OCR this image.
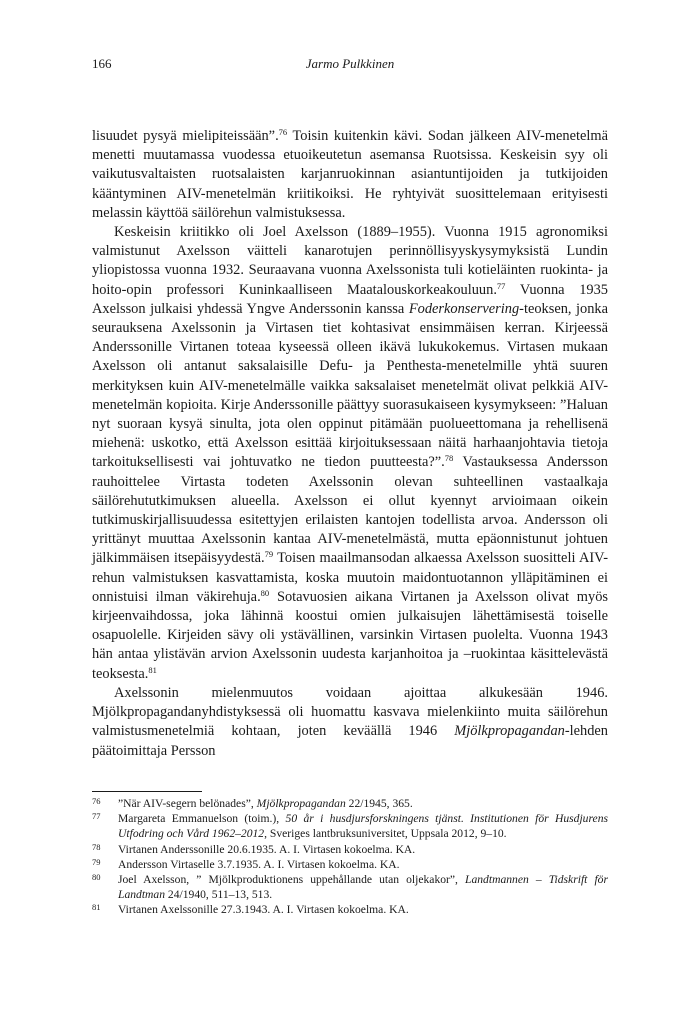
166	Jarmo Pulkkinen

lisuudet pysyä mielipiteissään”.$^{76}$ Toisin kuitenkin kävi. Sodan jälkeen AIV-menetelmä menetti muutamassa vuodessa etuoikeutetun asemansa Ruotsissa. Keskeisin syy oli vaikutusvaltaisten ruotsalaisten karjanruokinnan asiantuntijoiden ja tutkijoiden kääntyminen AIV-menetelmän kriitikoiksi. He ryhtyivät suosittelemaan erityisesti melassin käyttöä säilörehun valmistuksessa.

Keskeisin kriitikko oli Joel Axelsson (1889–1955). Vuonna 1915 agronomiksi valmistunut Axelsson väitteli kanarotujen perinnöllisyyskysymyksistä Lundin yliopistossa vuonna 1932. Seuraavana vuonna Axelssonista tuli kotieläinten ruokinta- ja hoito-opin professori Kuninkaalliseen Maatalouskorkeakouluun.$^{77}$ Vuonna 1935 Axelsson julkaisi yhdessä Yngve Anderssonin kanssa Foderkonservering-teoksen, jonka seurauksena Axelssonin ja Virtasen tiet kohtasivat ensimmäisen kerran. Kirjeessä Anderssonille Virtanen toteaa kyseessä olleen ikävä lukukokemus. Virtasen mukaan Axelsson oli antanut saksalaisille Defu- ja Penthesta-menetelmille yhtä suuren merkityksen kuin AIV-menetelmälle vaikka saksalaiset menetelmät olivat pelkkiä AIV-menetelmän kopioita. Kirje Anderssonille päättyy suorasukaiseen kysymykseen: ”Haluan nyt suoraan kysyä sinulta, jota olen oppinut pitämään puolueettomana ja rehellisenä miehenä: uskotko, että Axelsson esittää kirjoituksessaan näitä harhaanjohtavia tietoja tarkoituksellisesti vai johtuvatko ne tiedon puutteesta?”.$^{78}$ Vastauksessa Andersson rauhoittelee Virtasta todeten Axelssonin olevan suhteellinen vastaalkaja säilörehututkimuksen alueella. Axelsson ei ollut kyennyt arvioimaan oikein tutkimuskirjallisuudessa esitettyjen erilaisten kantojen todellista arvoa. Andersson oli yrittänyt muuttaa Axelssonin kantaa AIV-menetelmästä, mutta epäonnistunut johtuen jälkimmäisen itsepäisyydestä.$^{79}$ Toisen maailmansodan alkaessa Axelsson suositteli AIV-rehun valmistuksen kasvattamista, koska muutoin maidontuotannon ylläpitäminen ei onnistuisi ilman väkirehuja.$^{80}$ Sotavuosien aikana Virtanen ja Axelsson olivat myös kirjeenvaihdossa, joka lähinnä koostui omien julkaisujen lähettämisestä toiselle osapuolelle. Kirjeiden sävy oli ystävällinen, varsinkin Virtasen puolelta. Vuonna 1943 hän antaa ylistävän arvion Axelssonin uudesta karjanhoitoa ja –ruokintaa käsittelevästä teoksesta.$^{81}$

Axelssonin mielenmuutos voidaan ajoittaa alkukesään 1946. Mjölkpropagandanyhdistyksessä oli huomattu kasvava mielenkiinto muita säilörehun valmistusmenetelmiä kohtaan, joten keväällä 1946 Mjölkpropagandan-lehden päätoimittaja Persson

76	”När AIV-segern belönades”, Mjölkpropagandan 22/1945, 365.
77	Margareta Emmanuelson (toim.), 50 år i husdjursforskningens tjänst. Institutionen för Husdjurens Utfodring och Vård 1962–2012, Sveriges lantbruksuniversitet, Uppsala 2012, 9–10.
78	Virtanen Anderssonille 20.6.1935. A. I. Virtasen kokoelma. KA.
79	Andersson Virtaselle 3.7.1935. A. I. Virtasen kokoelma. KA.
80	Joel Axelsson, ” Mjölkproduktionens uppehållande utan oljekakor”, Landtmannen – Tidskrift för Landtman 24/1940, 511–13, 513.
81	Virtanen Axelssonille 27.3.1943. A. I. Virtasen kokoelma. KA.
